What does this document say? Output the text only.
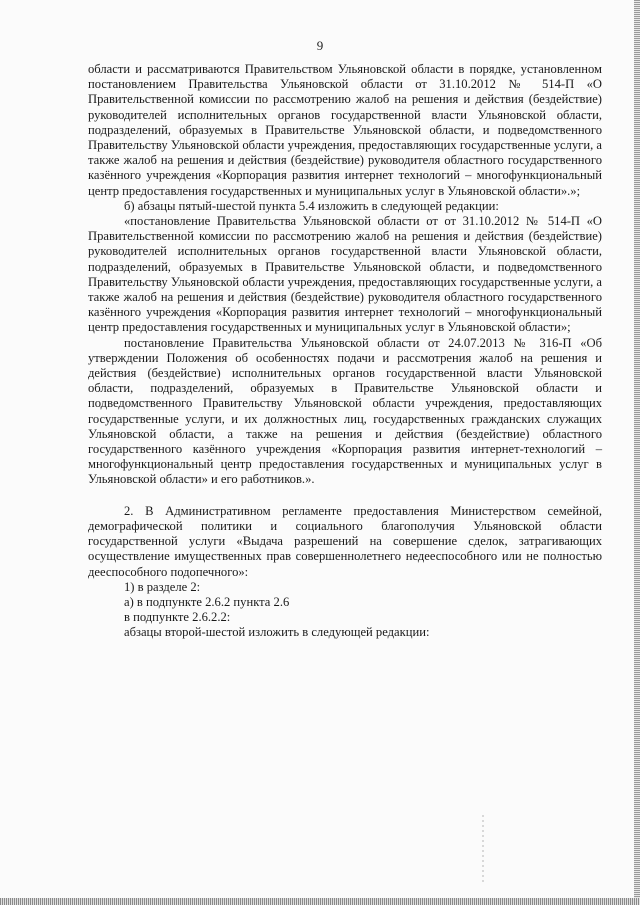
9

области и рассматриваются Правительством Ульяновской области в порядке, установленном постановлением Правительства Ульяновской области от 31.10.2012 № 514-П «О Правительственной комиссии по рассмотрению жалоб на решения и действия (бездействие) руководителей исполнительных органов государственной власти Ульяновской области, подразделений, образуемых в Правительстве Ульяновской области, и подведомственного Правительству Ульяновской области учреждения, предоставляющих государственные услуги, а также жалоб на решения и действия (бездействие) руководителя областного государственного казённого учреждения «Корпорация развития интернет технологий – многофункциональный центр предоставления государственных и муниципальных услуг в Ульяновской области».»;

б) абзацы пятый-шестой пункта 5.4 изложить в следующей редакции:

«постановление Правительства Ульяновской области от от 31.10.2012 № 514-П «О Правительственной комиссии по рассмотрению жалоб на решения и действия (бездействие) руководителей исполнительных органов государственной власти Ульяновской области, подразделений, образуемых в Правительстве Ульяновской области, и подведомственного Правительству Ульяновской области учреждения, предоставляющих государственные услуги, а также жалоб на решения и действия (бездействие) руководителя областного государственного казённого учреждения «Корпорация развития интернет технологий – многофункциональный центр предоставления государственных и муниципальных услуг в Ульяновской области»;

постановление Правительства Ульяновской области от 24.07.2013 № 316-П «Об утверждении Положения об особенностях подачи и рассмотрения жалоб на решения и действия (бездействие) исполнительных органов государственной власти Ульяновской области, подразделений, образуемых в Правительстве Ульяновской области и подведомственного Правительству Ульяновской области учреждения, предоставляющих государственные услуги, и их должностных лиц, государственных гражданских служащих Ульяновской области, а также на решения и действия (бездействие) областного государственного казённого учреждения «Корпорация развития интернет-технологий – многофункциональный центр предоставления государственных и муниципальных услуг в Ульяновской области» и его работников.».

2. В Административном регламенте предоставления Министерством семейной, демографической политики и социального благополучия Ульяновской области государственной услуги «Выдача разрешений на совершение сделок, затрагивающих осуществление имущественных прав совершеннолетнего недееспособного или не полностью дееспособного подопечного»:

1) в разделе 2:

а) в подпункте 2.6.2 пункта 2.6

в подпункте 2.6.2.2:

абзацы второй-шестой изложить в следующей редакции:
